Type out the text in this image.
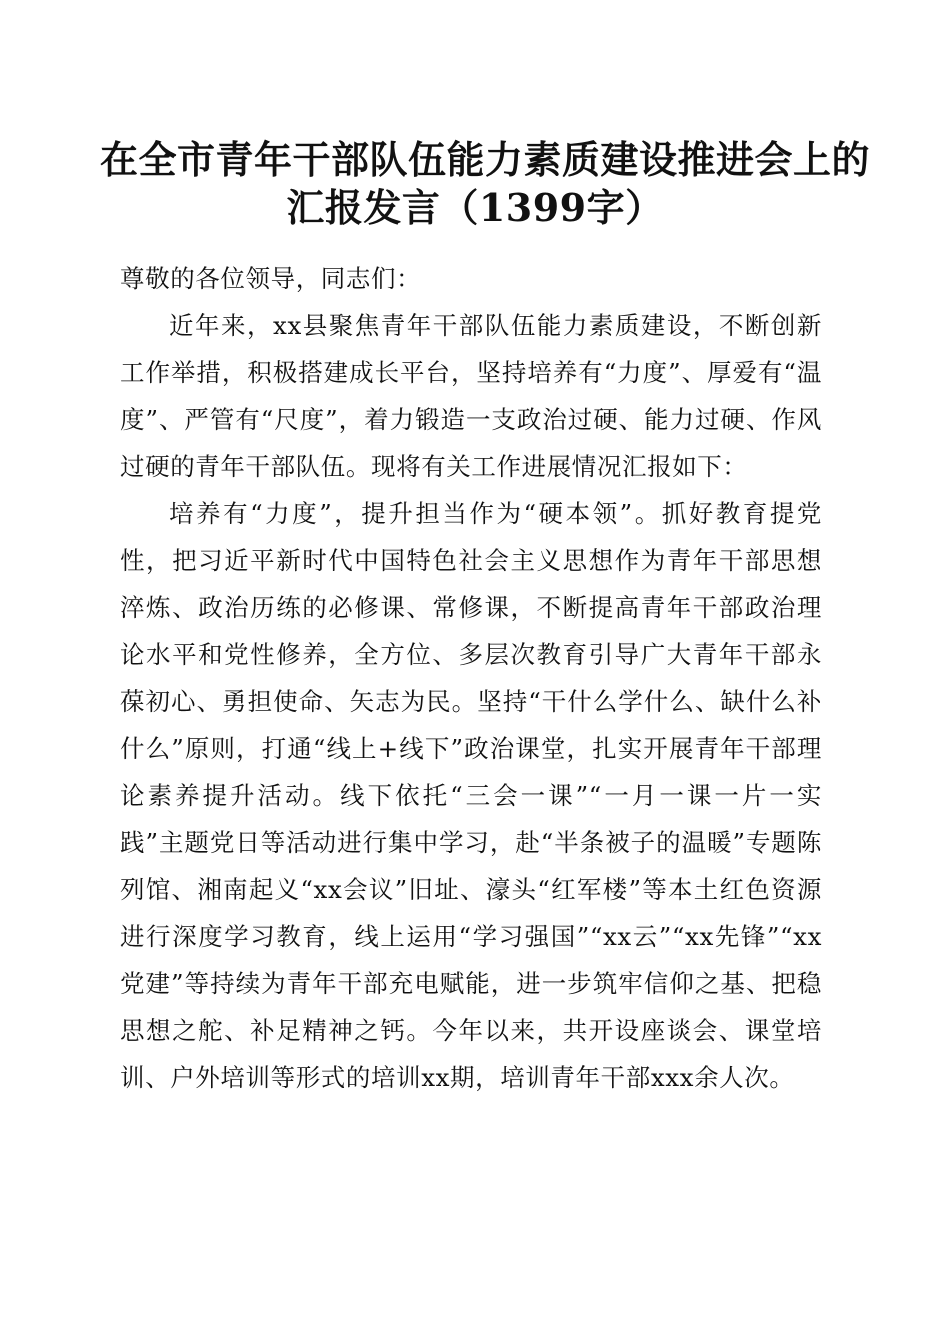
在全市青年干部队伍能力素质建设推进会上的
汇报发言（1399字）

尊敬的各位领导，同志们：

近年来，xx县聚焦青年干部队伍能力素质建设，不断创新工作举措，积极搭建成长平台，坚持培养有“力度”、厚爱有“温度”、严管有“尺度”，着力锻造一支政治过硬、能力过硬、作风过硬的青年干部队伍。现将有关工作进展情况汇报如下：

培养有“力度”，提升担当作为“硬本领”。抓好教育提党性，把习近平新时代中国特色社会主义思想作为青年干部思想淬炼、政治历练的必修课、常修课，不断提高青年干部政治理论水平和党性修养，全方位、多层次教育引导广大青年干部永葆初心、勇担使命、矢志为民。坚持“干什么学什么、缺什么补什么”原则，打通“线上+线下”政治课堂，扎实开展青年干部理论素养提升活动。线下依托“三会一课”“一月一课一片一实践”主题党日等活动进行集中学习，赴“半条被子的温暖”专题陈列馆、湘南起义“xx会议”旧址、濠头“红军楼”等本土红色资源进行深度学习教育，线上运用“学习强国”“xx云”“xx先锋”“xx党建”等持续为青年干部充电赋能，进一步筑牢信仰之基、把稳思想之舵、补足精神之钙。今年以来，共开设座谈会、课堂培训、户外培训等形式的培训xx期，培训青年干部xxx余人次。
